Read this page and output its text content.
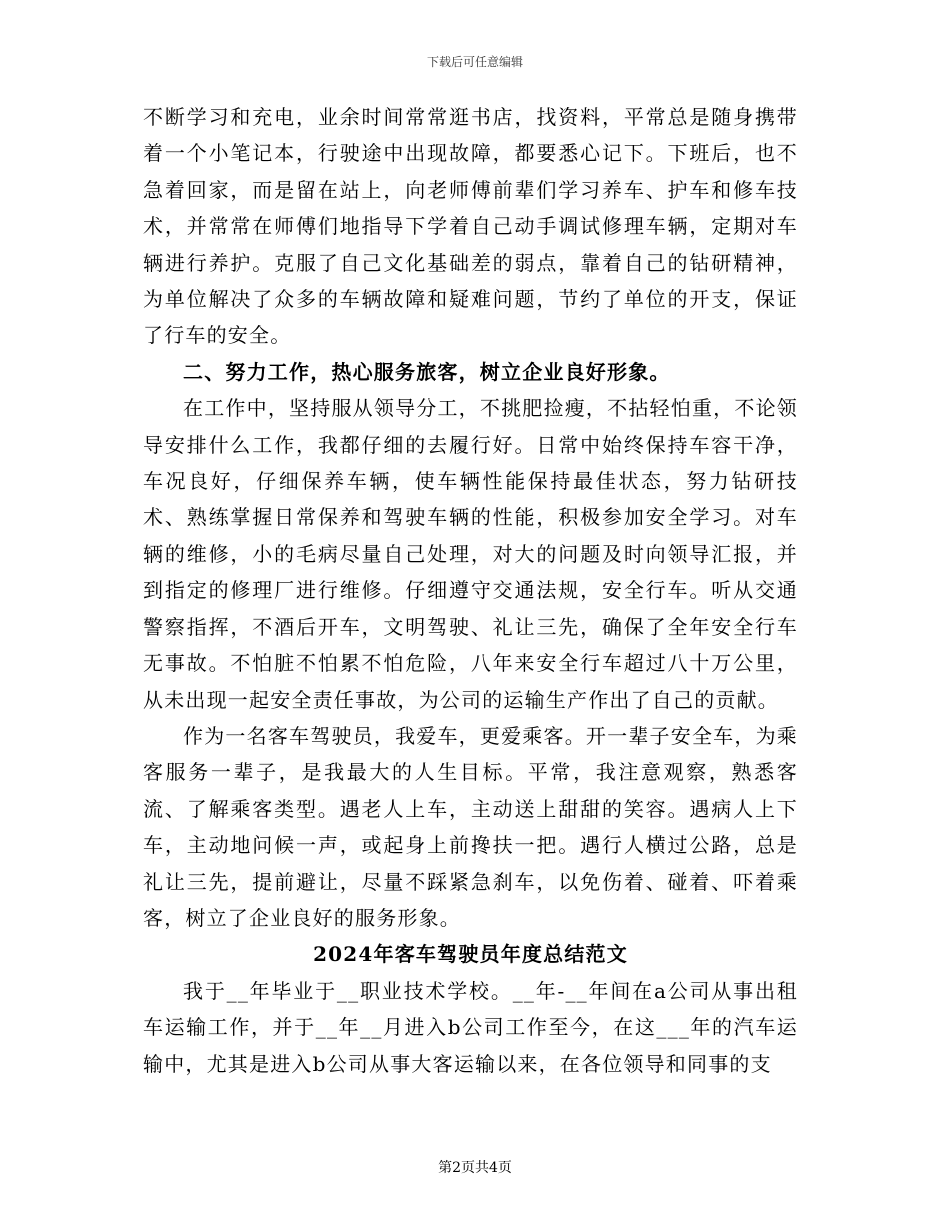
下载后可任意编辑

不断学习和充电，业余时间常常逛书店，找资料，平常总是随身携带着一个小笔记本，行驶途中出现故障，都要悉心记下。下班后，也不急着回家，而是留在站上，向老师傅前辈们学习养车、护车和修车技术，并常常在师傅们地指导下学着自己动手调试修理车辆，定期对车辆进行养护。克服了自己文化基础差的弱点，靠着自己的钻研精神，为单位解决了众多的车辆故障和疑难问题，节约了单位的开支，保证了行车的安全。

二、努力工作，热心服务旅客，树立企业良好形象。

在工作中，坚持服从领导分工，不挑肥捡瘦，不拈轻怕重，不论领导安排什么工作，我都仔细的去履行好。日常中始终保持车容干净，车况良好，仔细保养车辆，使车辆性能保持最佳状态，努力钻研技术、熟练掌握日常保养和驾驶车辆的性能，积极参加安全学习。对车辆的维修，小的毛病尽量自己处理，对大的问题及时向领导汇报，并到指定的修理厂进行维修。仔细遵守交通法规，安全行车。听从交通警察指挥，不酒后开车，文明驾驶、礼让三先，确保了全年安全行车无事故。不怕脏不怕累不怕危险，八年来安全行车超过八十万公里，从未出现一起安全责任事故，为公司的运输生产作出了自己的贡献。

作为一名客车驾驶员，我爱车，更爱乘客。开一辈子安全车，为乘客服务一辈子，是我最大的人生目标。平常，我注意观察，熟悉客流、了解乘客类型。遇老人上车，主动送上甜甜的笑容。遇病人上下车，主动地问候一声，或起身上前搀扶一把。遇行人横过公路，总是礼让三先，提前避让，尽量不踩紧急刹车，以免伤着、碰着、吓着乘客，树立了企业良好的服务形象。

2024年客车驾驶员年度总结范文

我于__年毕业于__职业技术学校。__年-__年间在a公司从事出租车运输工作，并于__年__月进入b公司工作至今，在这___年的汽车运输中，尤其是进入b公司从事大客运输以来，在各位领导和同事的支

第2页共4页
